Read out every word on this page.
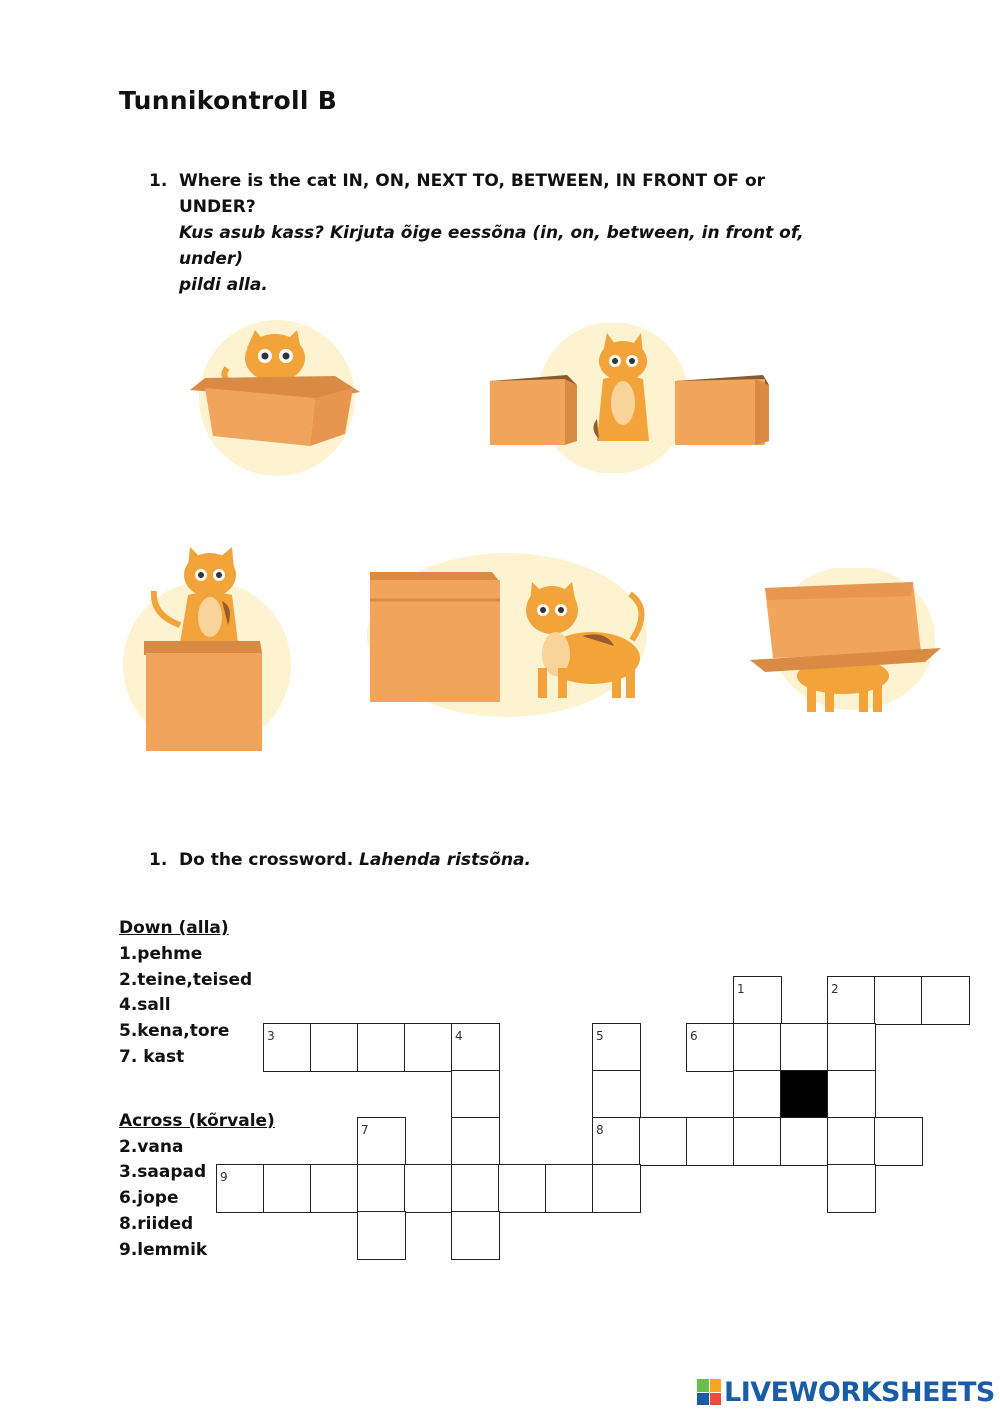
Tunnikontroll B
1. Where is the cat IN, ON, NEXT TO, BETWEEN, IN FRONT OF or
UNDER?
Kus asub kass? Kirjuta õige eessõna (in, on, between, in front of, under)
pildi alla.
1. Do the crossword. Lahenda ristsõna.
Down (alla)
1.pehme
2.teine,teised
4.sall
5.kena,tore
7. kast
Across (kõrvale)
2.vana
3.saapad
6.jope
8.riided
9.lemmik
1	2
3	4	5	6
7	8
9
LIVEWORKSHEETS
